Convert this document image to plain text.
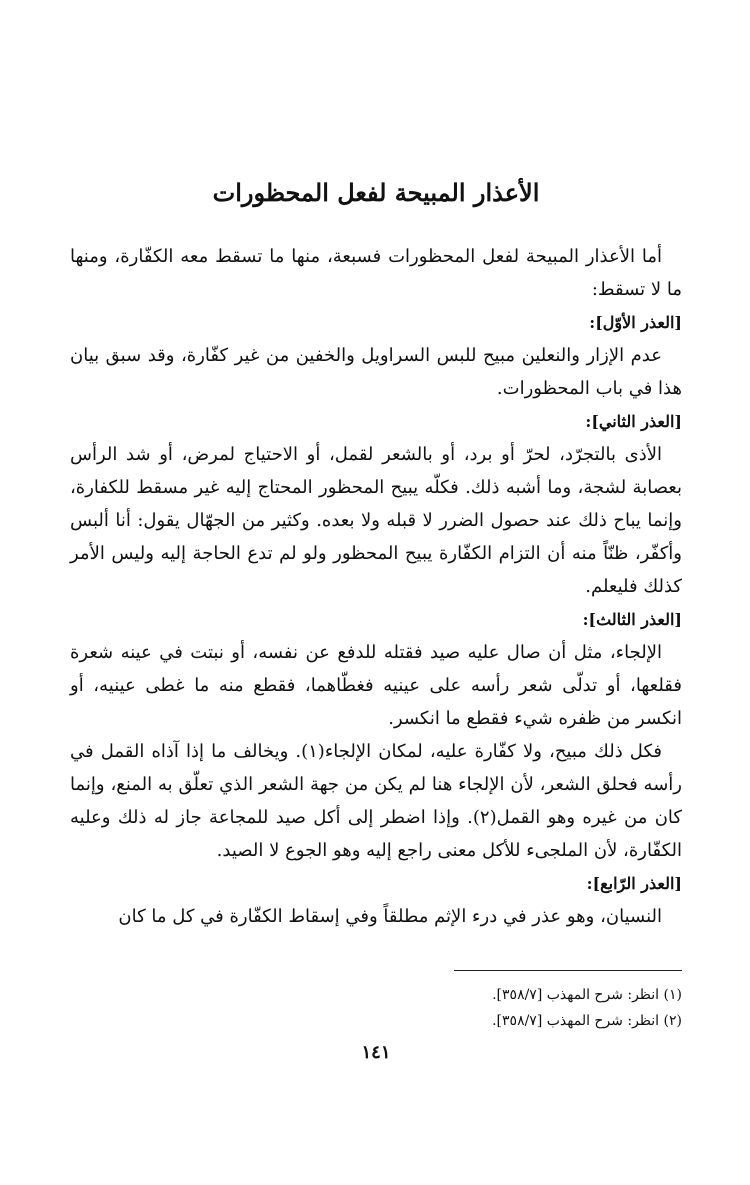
الأعذار المبيحة لفعل المحظورات

أما الأعذار المبيحة لفعل المحظورات فسبعة، منها ما تسقط معه الكفّارة، ومنها ما لا تسقط:

[العذر الأوّل]:

عدم الإزار والنعلين مبيح للبس السراويل والخفين من غير كفّارة، وقد سبق بيان هذا في باب المحظورات.

[العذر الثاني]:

الأذى بالتجرّد، لحرّ أو برد، أو بالشعر لقمل، أو الاحتياج لمرض، أو شد الرأس بعصابة لشجة، وما أشبه ذلك. فكلّه يبيح المحظور المحتاج إليه غير مسقط للكفارة، وإنما يباح ذلك عند حصول الضرر لا قبله ولا بعده. وكثير من الجهّال يقول: أنا ألبس وأكفّر، ظنّاً منه أن التزام الكفّارة يبيح المحظور ولو لم تدع الحاجة إليه وليس الأمر كذلك فليعلم.

[العذر الثالث]:

الإلجاء، مثل أن صال عليه صيد فقتله للدفع عن نفسه، أو نبتت في عينه شعرة فقلعها، أو تدلّى شعر رأسه على عينيه فغطّاهما، فقطع منه ما غطى عينيه، أو انكسر من ظفره شيء فقطع ما انكسر.

فكل ذلك مبيح، ولا كفّارة عليه، لمكان الإلجاء(١). ويخالف ما إذا آذاه القمل في رأسه فحلق الشعر، لأن الإلجاء هنا لم يكن من جهة الشعر الذي تعلّق به المنع، وإنما كان من غيره وهو القمل(٢). وإذا اضطر إلى أكل صيد للمجاعة جاز له ذلك وعليه الكفّارة، لأن الملجىء للأكل معنى راجع إليه وهو الجوع لا الصيد.

[العذر الرّابع]:

النسيان، وهو عذر في درء الإثم مطلقاً وفي إسقاط الكفّارة في كل ما كان

(١) انظر: شرح المهذب [٣٥٨/٧].

(٢) انظر: شرح المهذب [٣٥٨/٧].

١٤١
